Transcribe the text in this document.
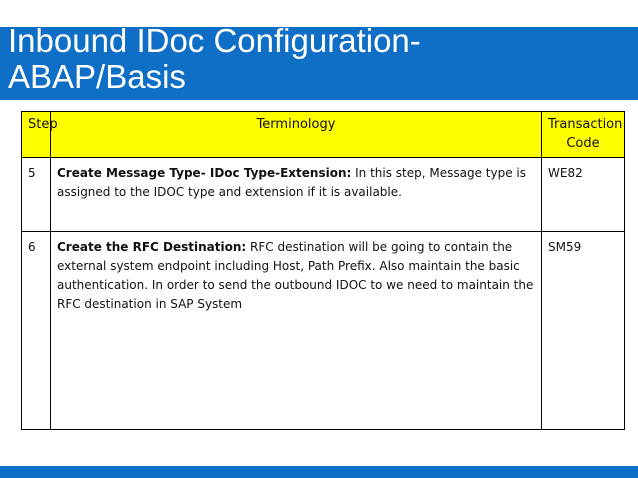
Inbound IDoc Configuration-
ABAP/Basis
Step	Terminology	Transaction Code
5	Create Message Type- IDoc Type-Extension: In this step, Message type is assigned to the IDOC type and extension if it is available.	WE82
6	Create the RFC Destination: RFC destination will be going to contain the external system endpoint including Host, Path Prefix. Also maintain the basic authentication. In order to send the outbound IDOC to we need to maintain the RFC destination in SAP System	SM59
